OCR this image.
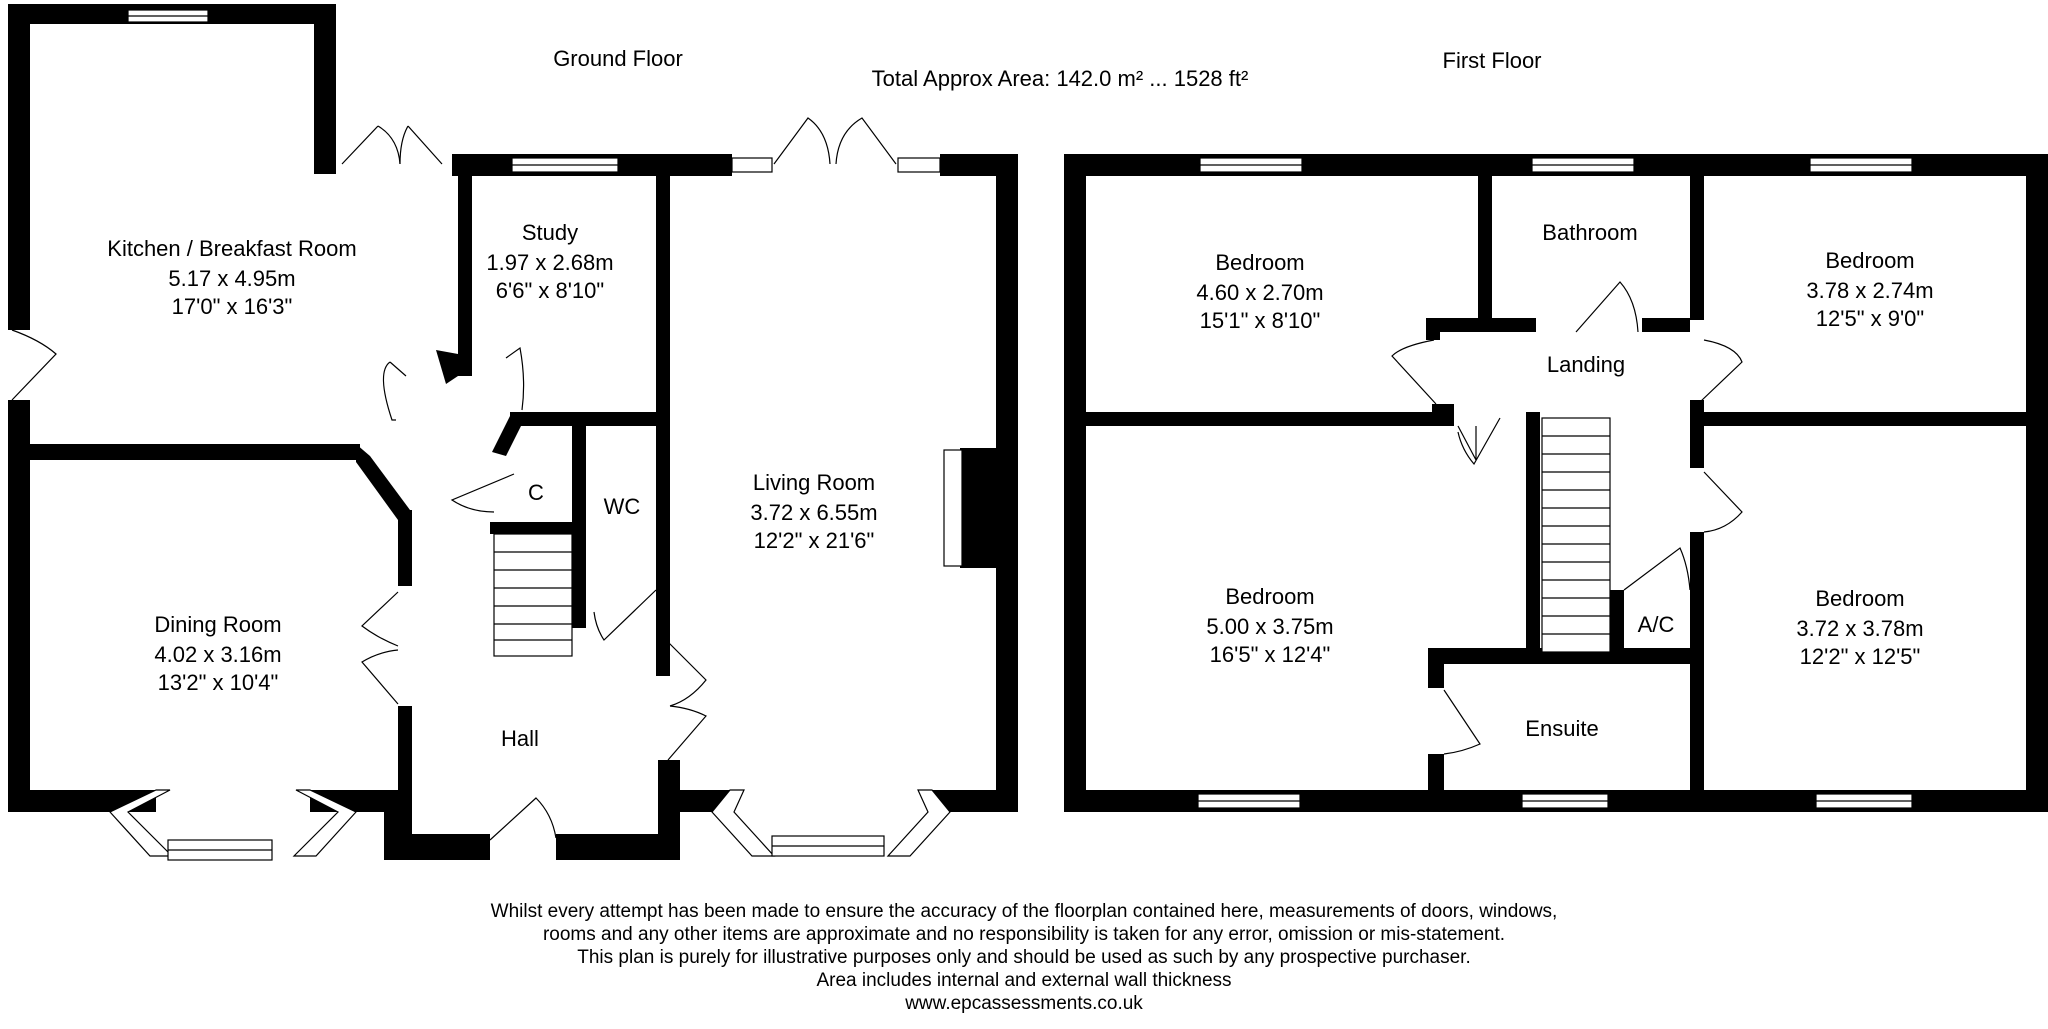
Ground Floor	First Floor
Total Approx Area: 142.0 m² ... 1528 ft²
Kitchen / Breakfast Room
5.17 x 4.95m
17'0" x 16'3"
Study
1.97 x 2.68m
6'6" x 8'10"
Living Room
3.72 x 6.55m
12'2" x 21'6"
Dining Room
4.02 x 3.16m
13'2" x 10'4"
C
WC
Hall
Bedroom
4.60 x 2.70m
15'1" x 8'10"
Bathroom
Bedroom
3.78 x 2.74m
12'5" x 9'0"
Landing
Bedroom
5.00 x 3.75m
16'5" x 12'4"
A/C
Bedroom
3.72 x 3.78m
12'2" x 12'5"
Ensuite
Whilst every attempt has been made to ensure the accuracy of the floorplan contained here, measurements of doors, windows,
rooms and any other items are approximate and no responsibility is taken for any error, omission or mis-statement.
This plan is purely for illustrative purposes only and should be used as such by any prospective purchaser.
Area includes internal and external wall thickness
www.epcassessments.co.uk
